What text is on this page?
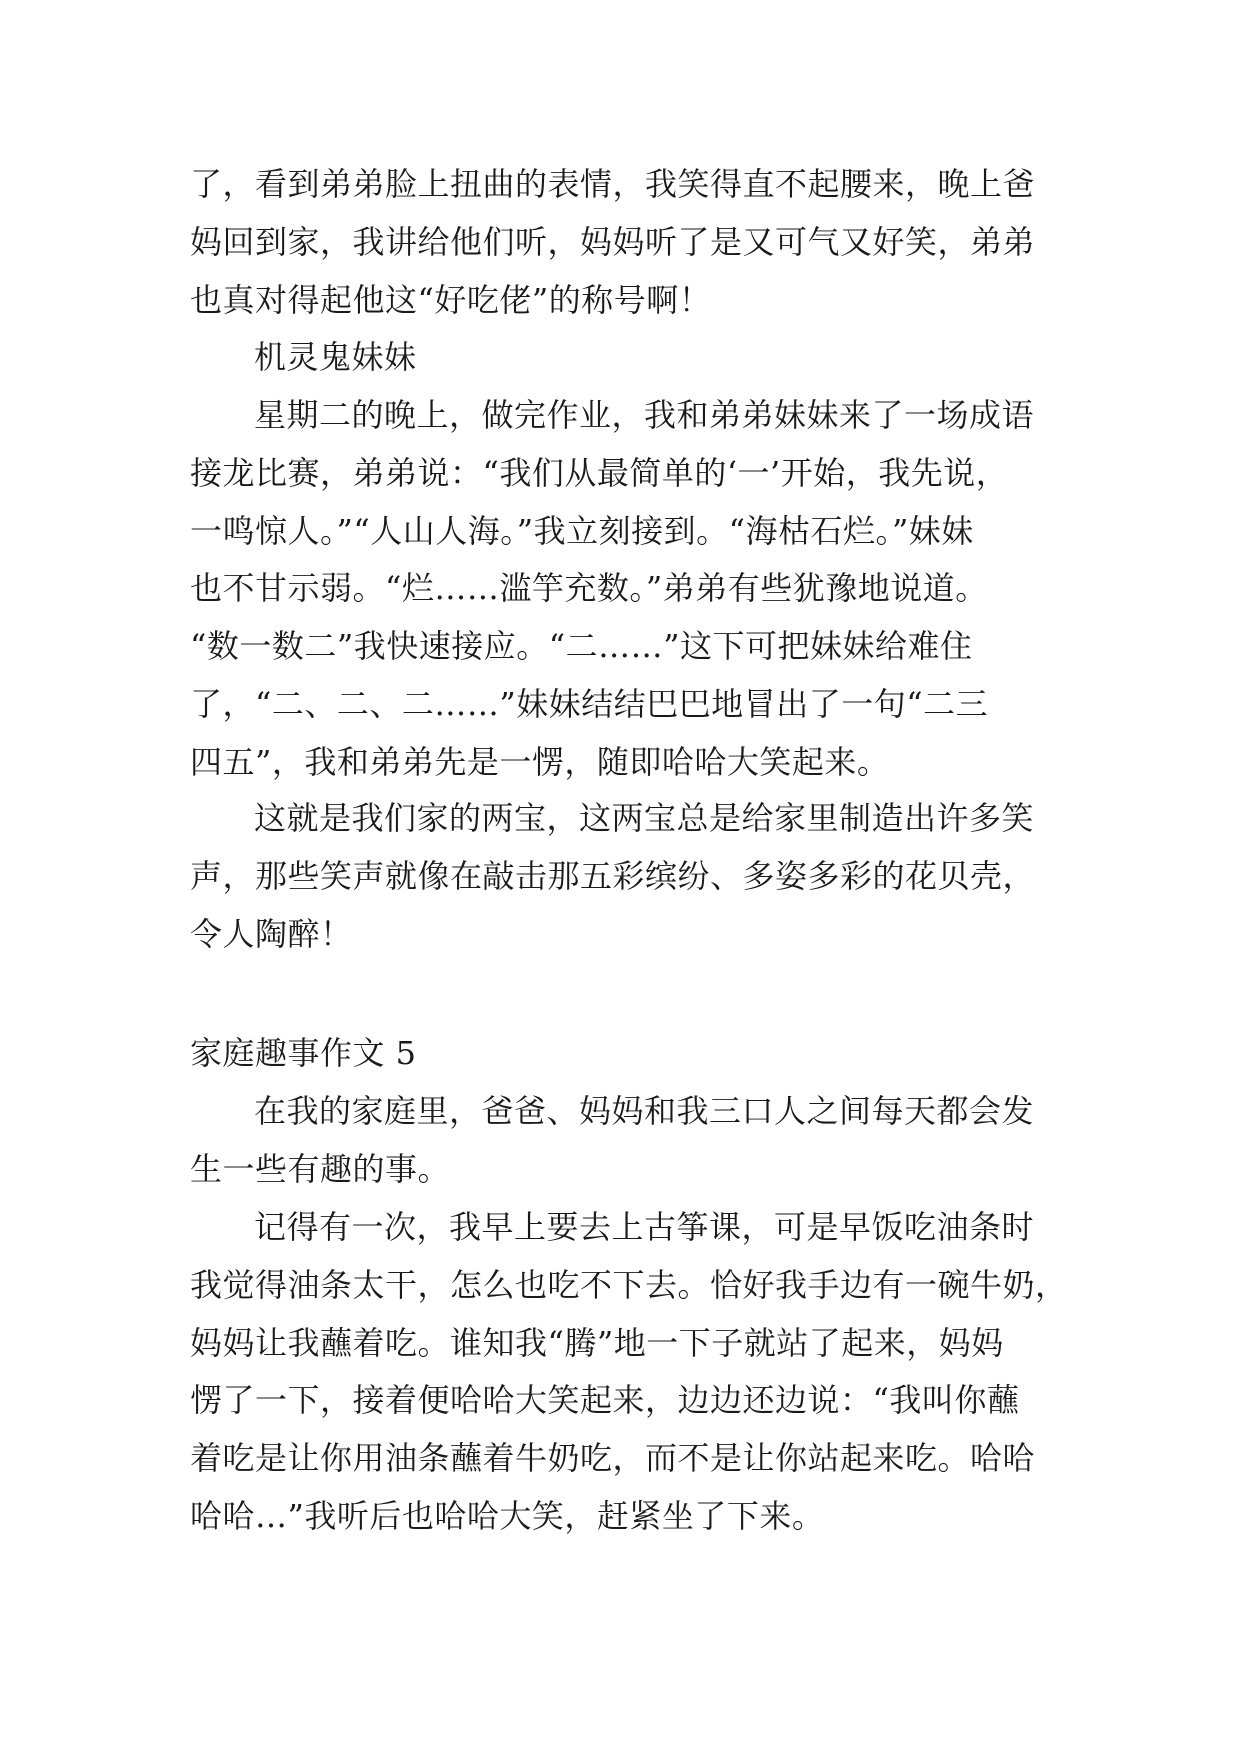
了，看到弟弟脸上扭曲的表情，我笑得直不起腰来，晚上爸
妈回到家，我讲给他们听，妈妈听了是又可气又好笑，弟弟
也真对得起他这“好吃佬”的称号啊！
机灵鬼妹妹
星期二的晚上，做完作业，我和弟弟妹妹来了一场成语
接龙比赛，弟弟说：“我们从最简单的‘一’开始，我先说，
一鸣惊人。”“人山人海。”我立刻接到。“海枯石烂。”妹妹
也不甘示弱。“烂……滥竽充数。”弟弟有些犹豫地说道。
“数一数二”我快速接应。“二……”这下可把妹妹给难住
了，“二、二、二……”妹妹结结巴巴地冒出了一句“二三
四五”，我和弟弟先是一愣，随即哈哈大笑起来。
这就是我们家的两宝，这两宝总是给家里制造出许多笑
声，那些笑声就像在敲击那五彩缤纷、多姿多彩的花贝壳，
令人陶醉！
家庭趣事作文 5
在我的家庭里，爸爸、妈妈和我三口人之间每天都会发
生一些有趣的事。
记得有一次，我早上要去上古筝课，可是早饭吃油条时
我觉得油条太干，怎么也吃不下去。恰好我手边有一碗牛奶，
妈妈让我蘸着吃。谁知我“腾”地一下子就站了起来，妈妈
愣了一下，接着便哈哈大笑起来，边边还边说：“我叫你蘸
着吃是让你用油条蘸着牛奶吃，而不是让你站起来吃。哈哈
哈哈…”我听后也哈哈大笑，赶紧坐了下来。
